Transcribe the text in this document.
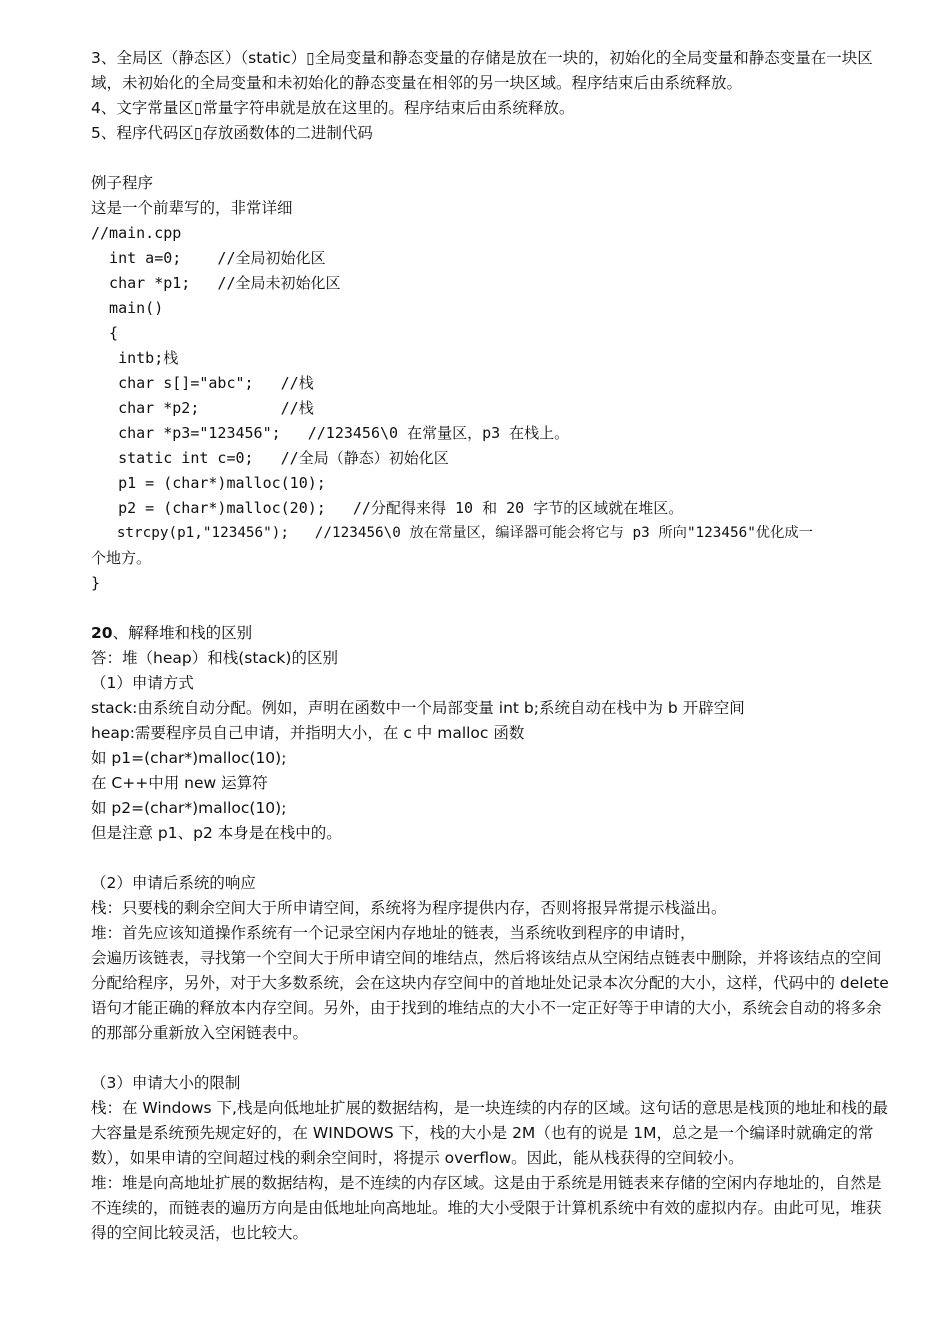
3、全局区（静态区）（static）▯全局变量和静态变量的存储是放在一块的，初始化的全局变量和静态变量在一块区域，未初始化的全局变量和未初始化的静态变量在相邻的另一块区域。程序结束后由系统释放。
4、文字常量区▯常量字符串就是放在这里的。程序结束后由系统释放。
5、程序代码区▯存放函数体的二进制代码
例子程序
这是一个前辈写的，非常详细
//main.cpp
int a=0;    //全局初始化区
char *p1;   //全局未初始化区
main()
{
intb;栈
char s[]="abc";   //栈
char *p2;         //栈
char *p3="123456";   //123456\0 在常量区，p3 在栈上。
static int c=0;   //全局（静态）初始化区
p1 = (char*)malloc(10);
p2 = (char*)malloc(20);   //分配得来得 10 和 20 字节的区域就在堆区。
strcpy(p1,"123456");   //123456\0 放在常量区，编译器可能会将它与 p3 所向"123456"优化成一
个地方。
}
20、解释堆和栈的区别
答：堆（heap）和栈(stack)的区别
（1）申请方式
stack:由系统自动分配。例如，声明在函数中一个局部变量 int b;系统自动在栈中为 b 开辟空间
heap:需要程序员自己申请，并指明大小，在 c 中 malloc 函数
如 p1=(char*)malloc(10);
在 C++中用 new 运算符
如 p2=(char*)malloc(10);
但是注意 p1、p2 本身是在栈中的。
（2）申请后系统的响应
栈：只要栈的剩余空间大于所申请空间，系统将为程序提供内存，否则将报异常提示栈溢出。
堆：首先应该知道操作系统有一个记录空闲内存地址的链表，当系统收到程序的申请时，
会遍历该链表，寻找第一个空间大于所申请空间的堆结点，然后将该结点从空闲结点链表中删除，并将该结点的空间分配给程序，另外，对于大多数系统，会在这块内存空间中的首地址处记录本次分配的大小，这样，代码中的 delete 语句才能正确的释放本内存空间。另外，由于找到的堆结点的大小不一定正好等于申请的大小，系统会自动的将多余的那部分重新放入空闲链表中。
（3）申请大小的限制
栈：在 Windows 下,栈是向低地址扩展的数据结构，是一块连续的内存的区域。这句话的意思是栈顶的地址和栈的最大容量是系统预先规定好的，在 WINDOWS 下，栈的大小是 2M（也有的说是 1M，总之是一个编译时就确定的常数），如果申请的空间超过栈的剩余空间时，将提示 overflow。因此，能从栈获得的空间较小。
堆：堆是向高地址扩展的数据结构，是不连续的内存区域。这是由于系统是用链表来存储的空闲内存地址的，自然是不连续的，而链表的遍历方向是由低地址向高地址。堆的大小受限于计算机系统中有效的虚拟内存。由此可见，堆获得的空间比较灵活，也比较大。
